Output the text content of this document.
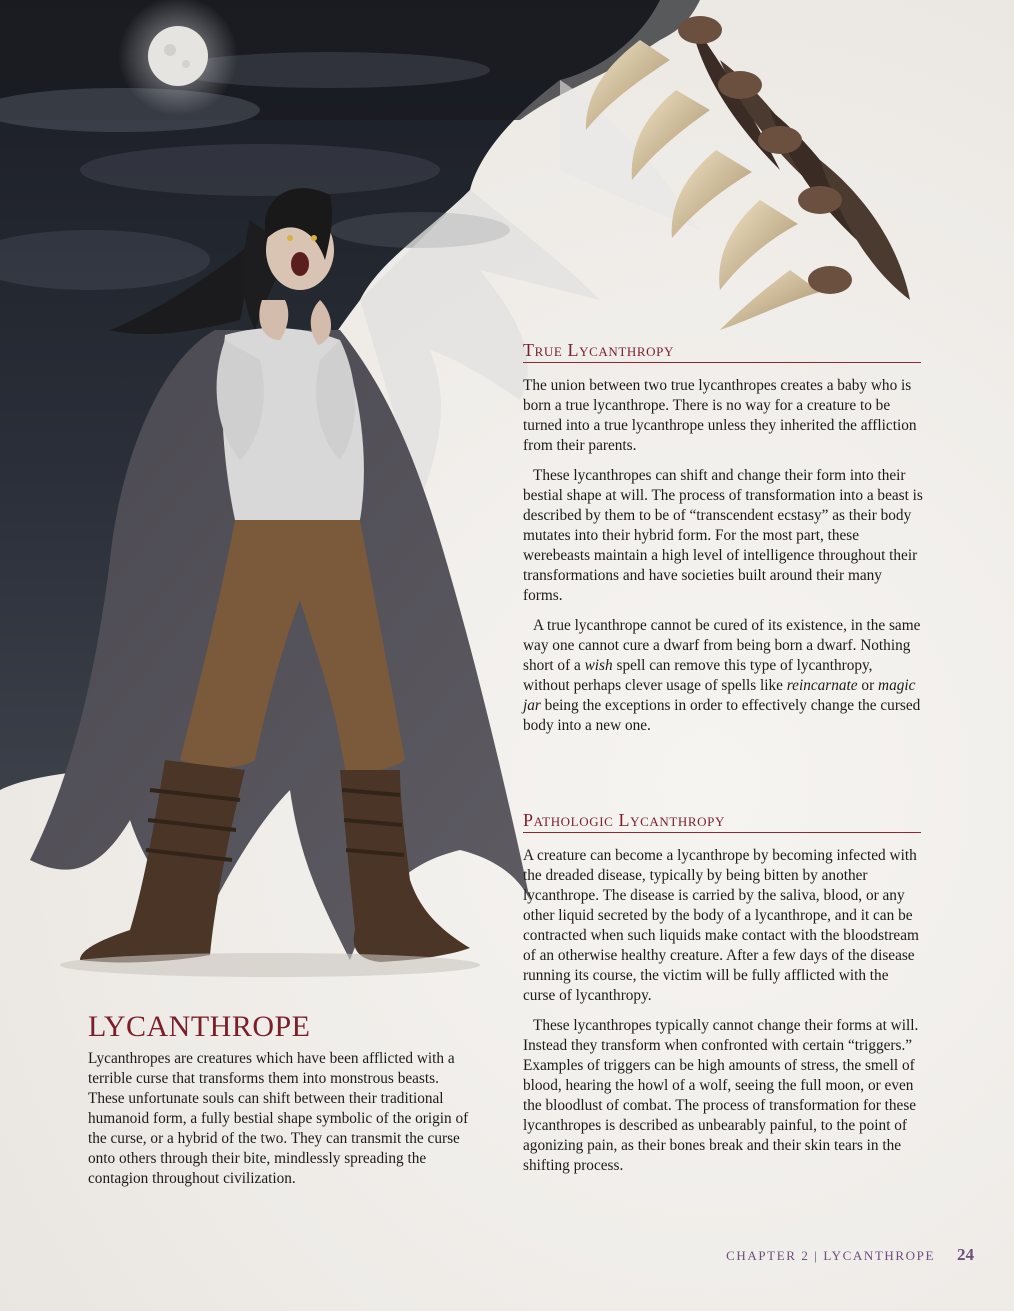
True Lycanthropy

The union between two true lycanthropes creates a baby who is born a true lycanthrope. There is no way for a creature to be turned into a true lycanthrope unless they inherited the affliction from their parents.

These lycanthropes can shift and change their form into their bestial shape at will. The process of transformation into a beast is described by them to be of “transcendent ecstasy” as their body mutates into their hybrid form. For the most part, these werebeasts maintain a high level of intelligence throughout their transformations and have societies built around their many forms.

A true lycanthrope cannot be cured of its existence, in the same way one cannot cure a dwarf from being born a dwarf. Nothing short of a wish spell can remove this type of lycanthropy, without perhaps clever usage of spells like reincarnate or magic jar being the exceptions in order to effectively change the cursed body into a new one.

Pathologic Lycanthropy

A creature can become a lycanthrope by becoming infected with the dreaded disease, typically by being bitten by another lycanthrope. The disease is carried by the saliva, blood, or any other liquid secreted by the body of a lycanthrope, and it can be contracted when such liquids make contact with the bloodstream of an otherwise healthy creature. After a few days of the disease running its course, the victim will be fully afflicted with the curse of lycanthropy.

These lycanthropes typically cannot change their forms at will. Instead they transform when confronted with certain “triggers.” Examples of triggers can be high amounts of stress, the smell of blood, hearing the howl of a wolf, seeing the full moon, or even the bloodlust of combat. The process of transformation for these lycanthropes is described as unbearably painful, to the point of agonizing pain, as their bones break and their skin tears in the shifting process.

LYCANTHROPE

Lycanthropes are creatures which have been afflicted with a terrible curse that transforms them into monstrous beasts. These unfortunate souls can shift between their traditional humanoid form, a fully bestial shape symbolic of the origin of the curse, or a hybrid of the two. They can transmit the curse onto others through their bite, mindlessly spreading the contagion throughout civilization.

CHAPTER 2 | LYCANTHROPE 24
